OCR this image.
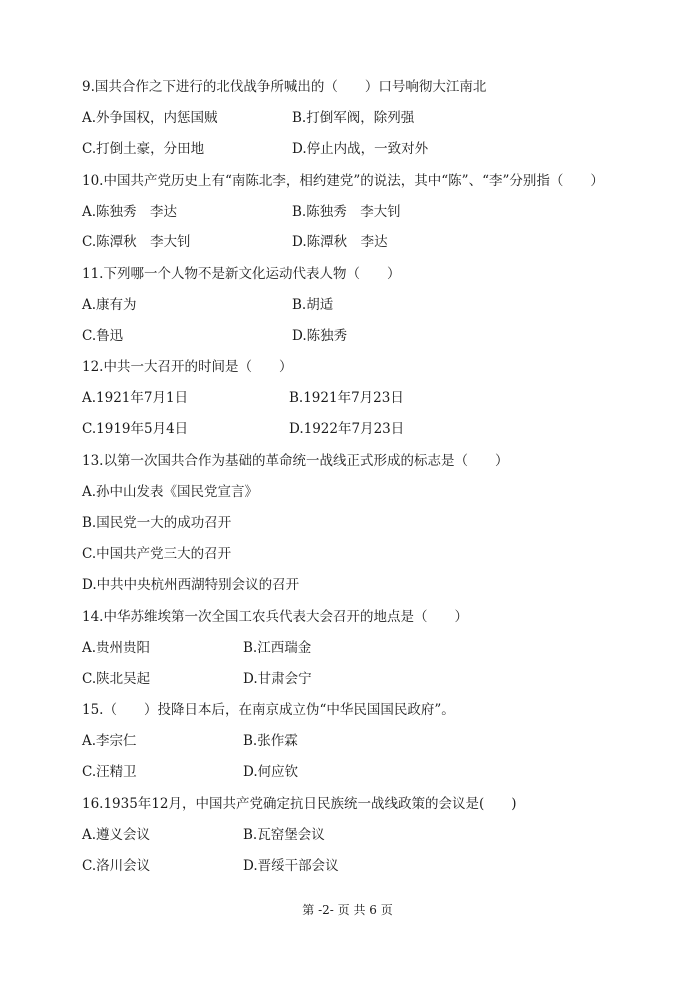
9.国共合作之下进行的北伐战争所喊出的（　　）口号响彻大江南北
A.外争国权，内惩国贼	B.打倒军阀，除列强
C.打倒土豪，分田地	D.停止内战，一致对外
10.中国共产党历史上有“南陈北李，相约建党”的说法，其中“陈”、“李”分别指（　　）
A.陈独秀　李达	B.陈独秀　李大钊
C.陈潭秋　李大钊	D.陈潭秋　李达
11.下列哪一个人物不是新文化运动代表人物（　　）
A.康有为	B.胡适
C.鲁迅	D.陈独秀
12.中共一大召开的时间是（　　）
A.1921年7月1日	B.1921年7月23日
C.1919年5月4日	D.1922年7月23日
13.以第一次国共合作为基础的革命统一战线正式形成的标志是（　　）
A.孙中山发表《国民党宣言》
B.国民党一大的成功召开
C.中国共产党三大的召开
D.中共中央杭州西湖特别会议的召开
14.中华苏维埃第一次全国工农兵代表大会召开的地点是（　　）
A.贵州贵阳	B.江西瑞金
C.陕北吴起	D.甘肃会宁
15.（　　）投降日本后，在南京成立伪“中华民国国民政府”。
A.李宗仁	B.张作霖
C.汪精卫	D.何应钦
16.1935年12月，中国共产党确定抗日民族统一战线政策的会议是(　　)
A.遵义会议	B.瓦窑堡会议
C.洛川会议	D.晋绥干部会议
第 -2- 页 共 6 页
